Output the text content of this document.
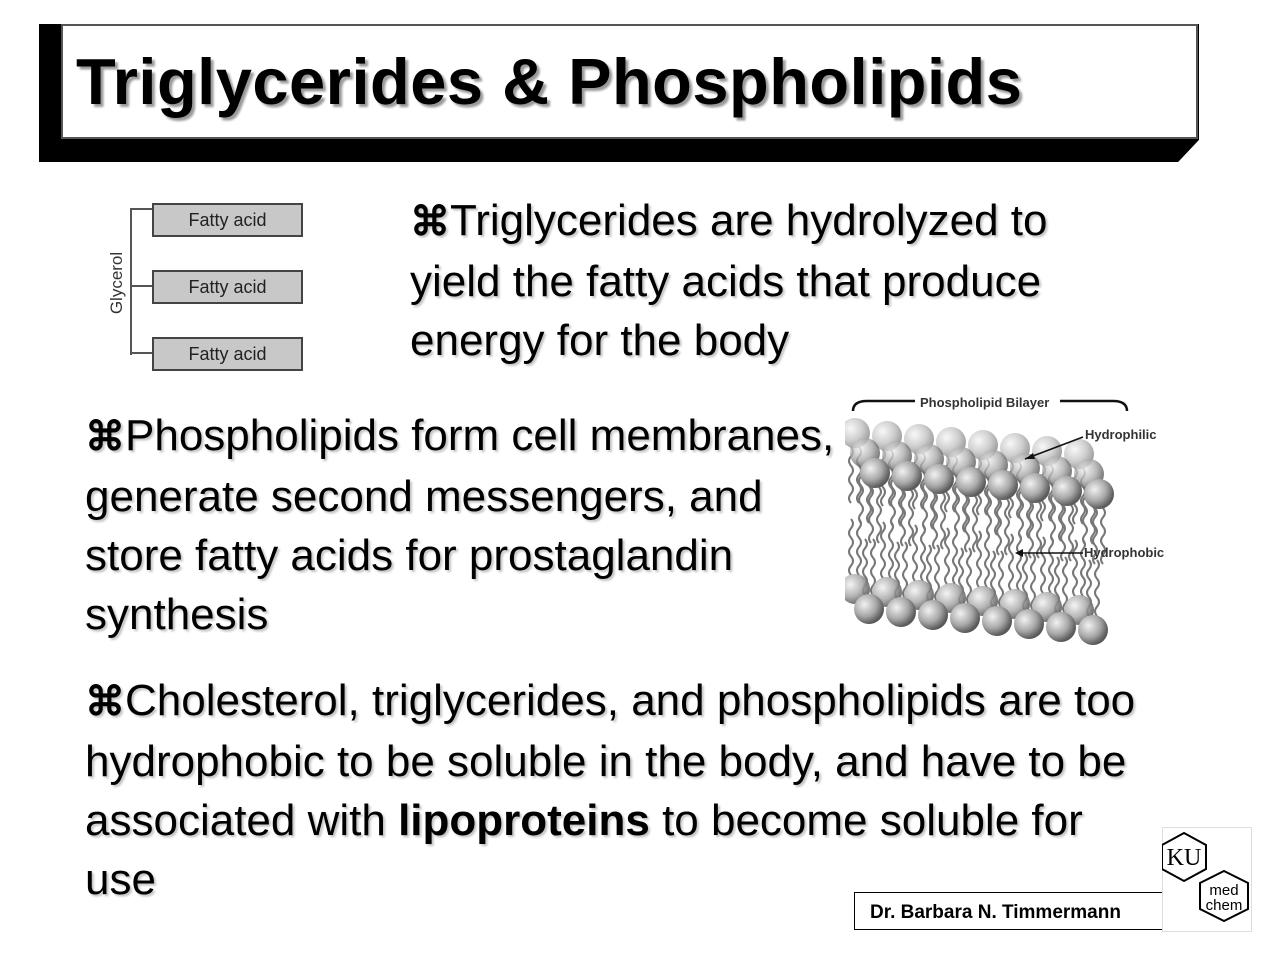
Triglycerides & Phospholipids
Glycerol
Fatty acid
Fatty acid
Fatty acid
⌘Triglycerides are hydrolyzed to yield the fatty acids that produce energy for the body
⌘Phospholipids form cell membranes, generate second messengers, and store fatty acids for prostaglandin synthesis
Phospholipid Bilayer
Hydrophilic
Hydrophobic
⌘Cholesterol, triglycerides, and phospholipids are too hydrophobic to be soluble in the body, and have to be associated with lipoproteins to become soluble for use
Dr. Barbara N. Timmermann
KU
med
chem
